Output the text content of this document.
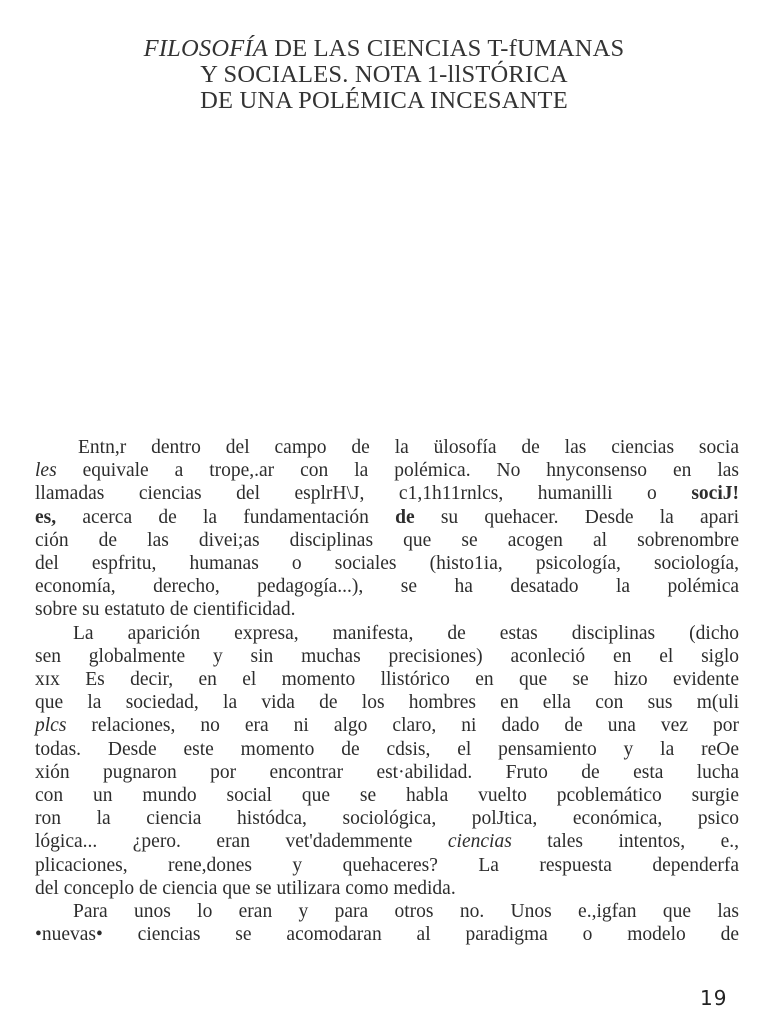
FILOSOFÍA DE LAS CIENCIAS T-fUMANAS
Y SOCIALES. NOTA 1-llSTÓRICA
DE UNA POLÉMICA INCESANTE
Entn,r dentro del campo de la ülosofía de las ciencias socia
les equivale a trope,.ar con la polémica. No hnyconsenso en las
llamadas ciencias del esplrH\J, c1,1h11rnlcs, humanilli o sociJ!
es, acerca de la fundamentación de su quehacer. Desde la apari
ción de las divei;as disciplinas que se acogen al sobrenombre
del espfritu, humanas o sociales (histo1ia, psicología, sociología,
economía, derecho, pedagogía...), se ha desatado la polémica
sobre su estatuto de cientificidad.
La aparición expresa, manifesta, de estas disciplinas (dicho
sen globalmente y sin muchas precisiones) aconleció en el siglo
xɪx Es decir, en el momento llistórico en que se hizo evidente
que la sociedad, la vida de los hombres en ella con sus m(uli
plcs relaciones, no era ni algo claro, ni dado de una vez por
todas. Desde este momento de cdsis, el pensamiento y la reOe
xión pugnaron por encontrar est·abilidad. Fruto de esta lucha
con un mundo social que se habla vuelto pcoblemático surgie
ron la ciencia histódca, sociológica, polJtica, económica, psico
lógica... ¿pero. eran vet'dademmente ciencias tales intentos, e.,
plicaciones, rene,dones y quehaceres? La respuesta dependerfa
del conceplo de ciencia que se utilizara como medida.
Para unos lo eran y para otros no. Unos e.,igfan que las
•nuevas• ciencias se acomodaran al paradigma o modelo de
19
